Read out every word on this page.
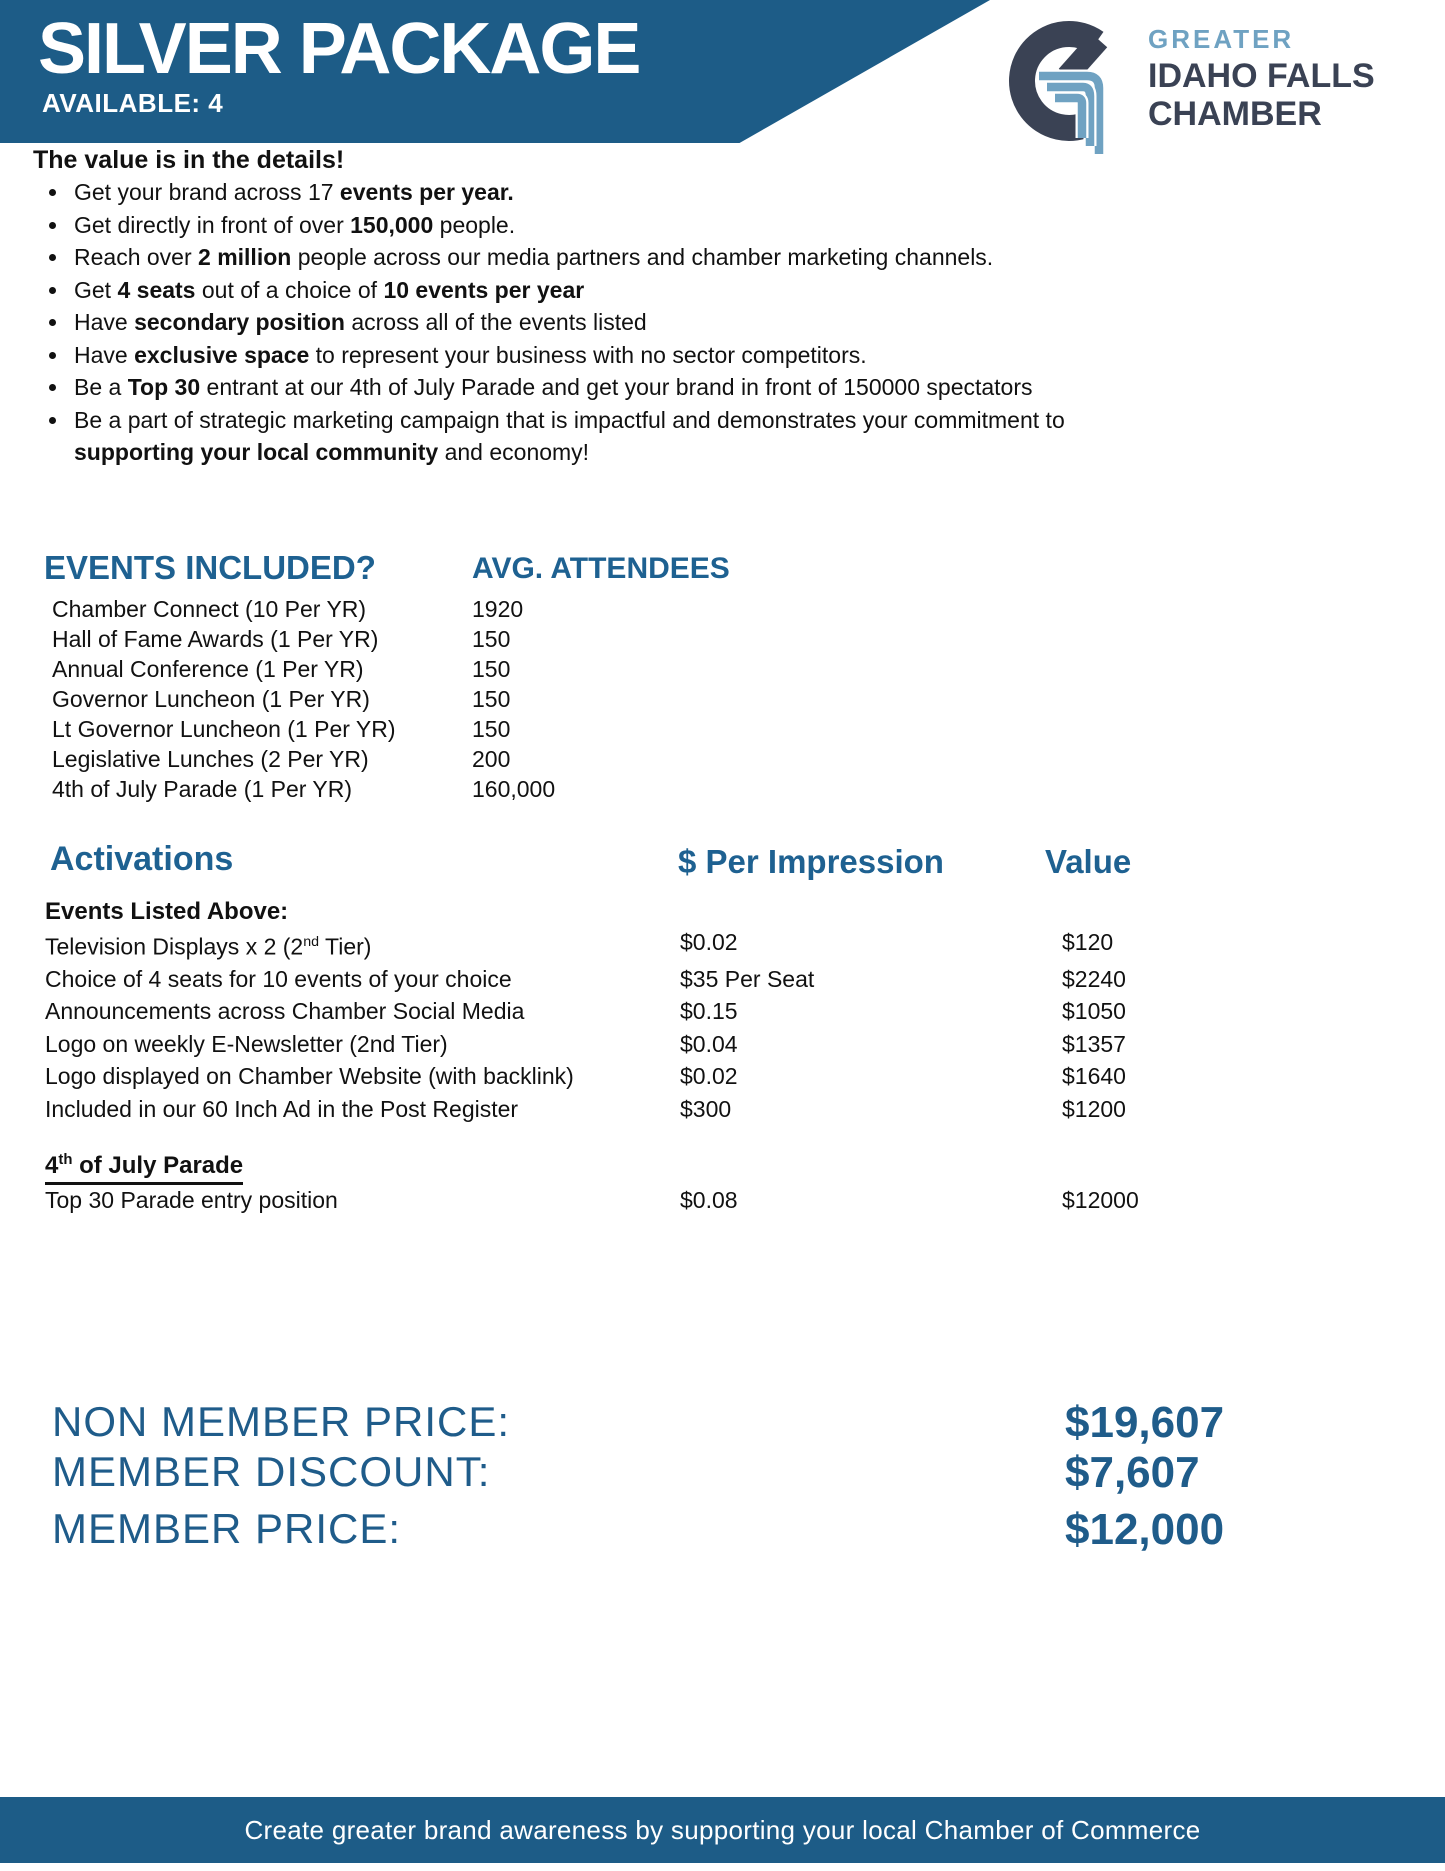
SILVER PACKAGE
AVAILABLE: 4
GREATER
IDAHO FALLS
CHAMBER
The value is in the details!
• Get your brand across 17 events per year.
• Get directly in front of over 150,000 people.
• Reach over 2 million people across our media partners and chamber marketing channels.
• Get 4 seats out of a choice of 10 events per year
• Have secondary position across all of the events listed
• Have exclusive space to represent your business with no sector competitors.
• Be a Top 30 entrant at our 4th of July Parade and get your brand in front of 150000 spectators
• Be a part of strategic marketing campaign that is impactful and demonstrates your commitment to supporting your local community and economy!
EVENTS INCLUDED?	AVG. ATTENDEES
Chamber Connect (10 Per YR)	1920
Hall of Fame Awards (1 Per YR)	150
Annual Conference (1 Per YR)	150
Governor Luncheon (1 Per YR)	150
Lt Governor Luncheon (1 Per YR)	150
Legislative Lunches (2 Per YR)	200
4th of July Parade (1 Per YR)	160,000
Activations	$ Per Impression	Value
Events Listed Above:
Television Displays x 2 (2nd Tier)	$0.02	$120
Choice of 4 seats for 10 events of your choice	$35 Per Seat	$2240
Announcements across Chamber Social Media	$0.15	$1050
Logo on weekly E-Newsletter (2nd Tier)	$0.04	$1357
Logo displayed on Chamber Website (with backlink)	$0.02	$1640
Included in our 60 Inch Ad in the Post Register	$300	$1200
4th of July Parade
Top 30 Parade entry position	$0.08	$12000
NON MEMBER PRICE:	$19,607
MEMBER DISCOUNT:	$7,607
MEMBER PRICE:	$12,000
Create greater brand awareness by supporting your local Chamber of Commerce
